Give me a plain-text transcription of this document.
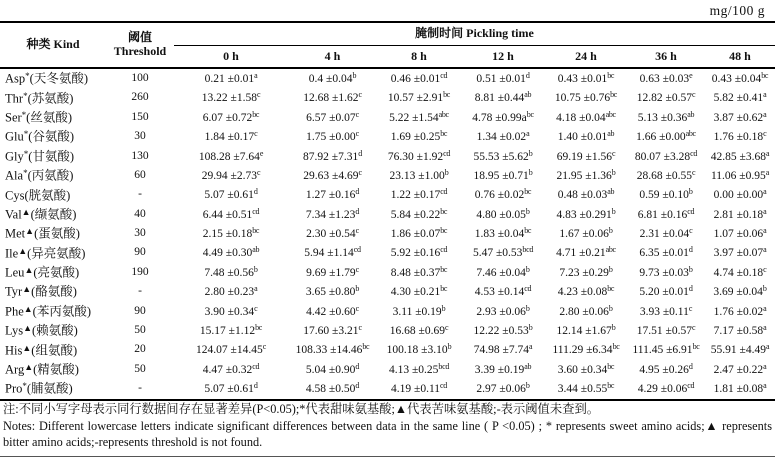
mg/100 g
种类 Kind	阈值
Threshold	腌制时间 Pickling time						
		0 h	4 h	8 h	12 h	24 h	36 h	48 h
Asp*(天冬氨酸)	100	0.21 ±0.01$^a$	0.4 ±0.04$^b$	0.46 ±0.01$^{cd}$	0.51 ±0.01$^d$	0.43 ±0.01$^{bc}$	0.63 ±0.03$^e$	0.43 ±0.04$^{bc}$
Thr*(苏氨酸)	260	13.22 ±1.58$^c$	12.68 ±1.62$^c$	10.57 ±2.91$^{bc}$	8.81 ±0.44$^{ab}$	10.75 ±0.76$^{bc}$	12.82 ±0.57$^c$	5.82 ±0.41$^a$
Ser*(丝氨酸)	150	6.07 ±0.72$^{bc}$	6.57 ±0.07$^c$	5.22 ±1.54$^{abc}$	$4.78 \pm 0.99a^{bc}$	4.18 ±0.04$^{abc}$	5.13 ±0.36$^{ab}$	3.87 ±0.62$^a$
Glu*(谷氨酸)	30	1.84 ±0.17$^c$	1.75 ±0.00$^c$	1.69 ±0.25$^{bc}$	1.34 ±0.02$^a$	1.40 ±0.01$^{ab}$	1.66 ±0.00$^{abc}$	1.76 ±0.18$^c$
Gly*(甘氨酸)	130	108.28 ±7.64$^e$	87.92 ±7.31$^d$	76.30 ±1.92$^{cd}$	55.53 ±5.62$^b$	69.19 ±1.56$^c$	80.07 ±3.28$^{cd}$	42.85 ±3.68$^a$
Ala*(丙氨酸)	60	29.94 ±2.73$^c$	29.63 ±4.69$^c$	23.13 ±1.00$^b$	18.95 ±0.71$^b$	21.95 ±1.36$^b$	28.68 ±0.55$^c$	11.06 ±0.95$^a$
Cys(胱氨酸)	-	5.07 ±0.61$^d$	1.27 ±0.16$^d$	1.22 ±0.17$^{cd}$	0.76 ±0.02$^{bc}$	0.48 ±0.03$^{ab}$	0.59 ±0.10$^b$	0.00 ±0.00$^a$
Val▲(缬氨酸)	40	6.44 ±0.51$^{cd}$	7.34 ±1.23$^d$	5.84 ±0.22$^{bc}$	4.80 ±0.05$^b$	4.83 ±0.291$^b$	6.81 ±0.16$^{cd}$	2.81 ±0.18$^a$
Met▲(蛋氨酸)	30	2.15 ±0.18$^{bc}$	2.30 ±0.54$^c$	1.86 ±0.07$^{bc}$	1.83 ±0.04$^{bc}$	1.67 ±0.06$^b$	2.31 ±0.04$^c$	1.07 ±0.06$^a$
Ile▲(异亮氨酸)	90	4.49 ±0.30$^{ab}$	5.94 ±1.14$^{cd}$	5.92 ±0.16$^{cd}$	5.47 ±0.53$^{bcd}$	4.71 ±0.21$^{abc}$	6.35 ±0.01$^d$	3.97 ±0.07$^a$
Leu▲(亮氨酸)	190	7.48 ±0.56$^b$	9.69 ±1.79$^c$	8.48 ±0.37$^{bc}$	7.46 ±0.04$^b$	7.23 ±0.29$^b$	9.73 ±0.03$^b$	4.74 ±0.18$^c$
Tyr▲(酪氨酸)	-	2.80 ±0.23$^a$	3.65 ±0.80$^b$	4.30 ±0.21$^{bc}$	4.53 ±0.14$^{cd}$	4.23 ±0.08$^{bc}$	5.20 ±0.01$^d$	3.69 ±0.04$^b$
Phe▲(苯丙氨酸)	90	3.90 ±0.34$^c$	4.42 ±0.60$^c$	3.11 ±0.19$^b$	2.93 ±0.06$^b$	2.80 ±0.06$^b$	3.93 ±0.11$^c$	1.76 ±0.02$^a$
Lys▲(赖氨酸)	50	15.17 ±1.12$^{bc}$	17.60 ±3.21$^c$	16.68 ±0.69$^c$	12.22 ±0.53$^b$	12.14 ±1.67$^b$	17.51 ±0.57$^c$	7.17 ±0.58$^a$
His▲(组氨酸)	20	124.07 ±14.45$^c$	108.33 ±14.46$^{bc}$	100.18 ±3.10$^b$	74.98 ±7.74$^a$	111.29 ±6.34$^{bc}$	111.45 ±6.91$^{bc}$	55.91 ±4.49$^a$
Arg▲(精氨酸)	50	4.47 ±0.32$^{cd}$	5.04 ±0.90$^d$	4.13 ±0.25$^{bcd}$	3.39 ±0.19$^{ab}$	3.60 ±0.34$^{bc}$	4.95 ±0.26$^d$	2.47 ±0.22$^a$
Pro*(脯氨酸)	-	5.07 ±0.61$^d$	4.58 ±0.50$^d$	4.19 ±0.11$^{cd}$	2.97 ±0.06$^b$	3.44 ±0.55$^{bc}$	4.29 ±0.06$^{cd}$	1.81 ±0.08$^a$

注:不同小写字母表示同行数据间存在显著差异(P<0.05);*代表甜味氨基酸;▲代表苦味氨基酸;-表示阈值未查到。

Notes: Different lowercase letters indicate significant differences between data in the same line ( P <0.05) ; * represents sweet amino acids;▲ represents bitter amino acids;-represents threshold is not found.
